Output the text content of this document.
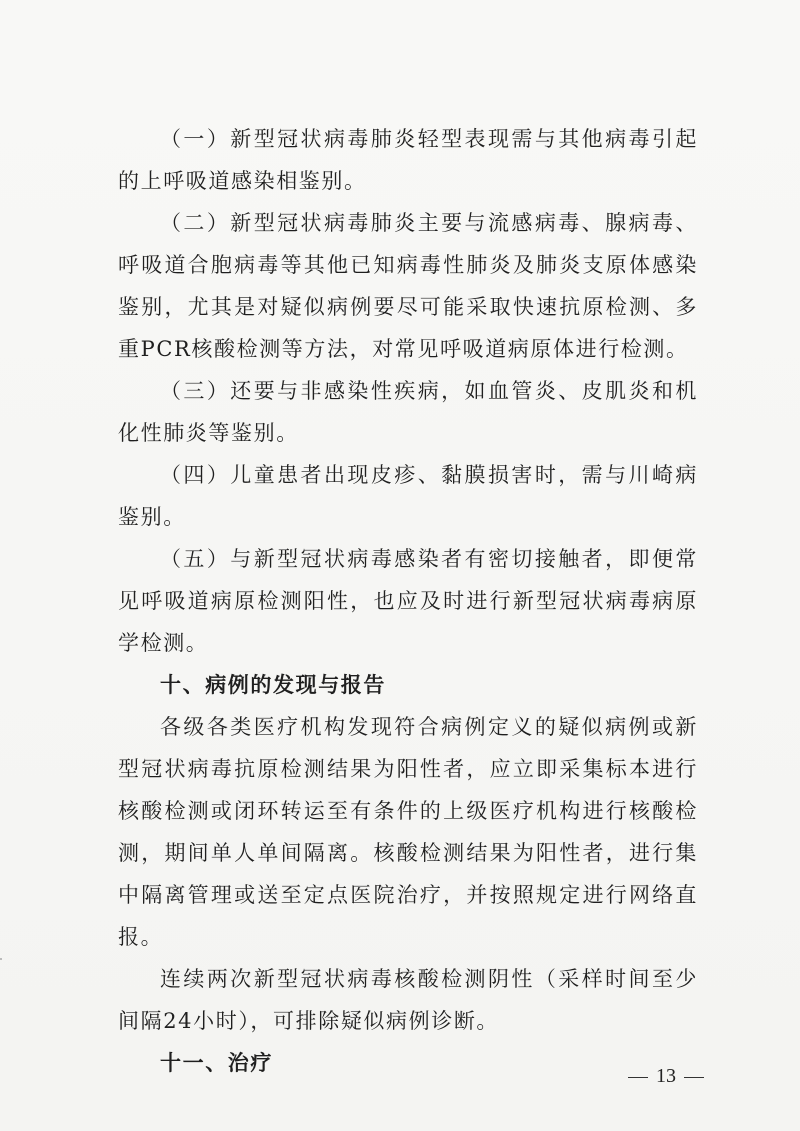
（一）新型冠状病毒肺炎轻型表现需与其他病毒引起的上呼吸道感染相鉴别。

（二）新型冠状病毒肺炎主要与流感病毒、腺病毒、呼吸道合胞病毒等其他已知病毒性肺炎及肺炎支原体感染鉴别，尤其是对疑似病例要尽可能采取快速抗原检测、多重PCR核酸检测等方法，对常见呼吸道病原体进行检测。

（三）还要与非感染性疾病，如血管炎、皮肌炎和机化性肺炎等鉴别。

（四）儿童患者出现皮疹、黏膜损害时，需与川崎病鉴别。

（五）与新型冠状病毒感染者有密切接触者，即便常见呼吸道病原检测阳性，也应及时进行新型冠状病毒病原学检测。

十、病例的发现与报告

各级各类医疗机构发现符合病例定义的疑似病例或新型冠状病毒抗原检测结果为阳性者，应立即采集标本进行核酸检测或闭环转运至有条件的上级医疗机构进行核酸检测，期间单人单间隔离。核酸检测结果为阳性者，进行集中隔离管理或送至定点医院治疗，并按照规定进行网络直报。

连续两次新型冠状病毒核酸检测阴性（采样时间至少间隔24小时），可排除疑似病例诊断。

十一、治疗
13
